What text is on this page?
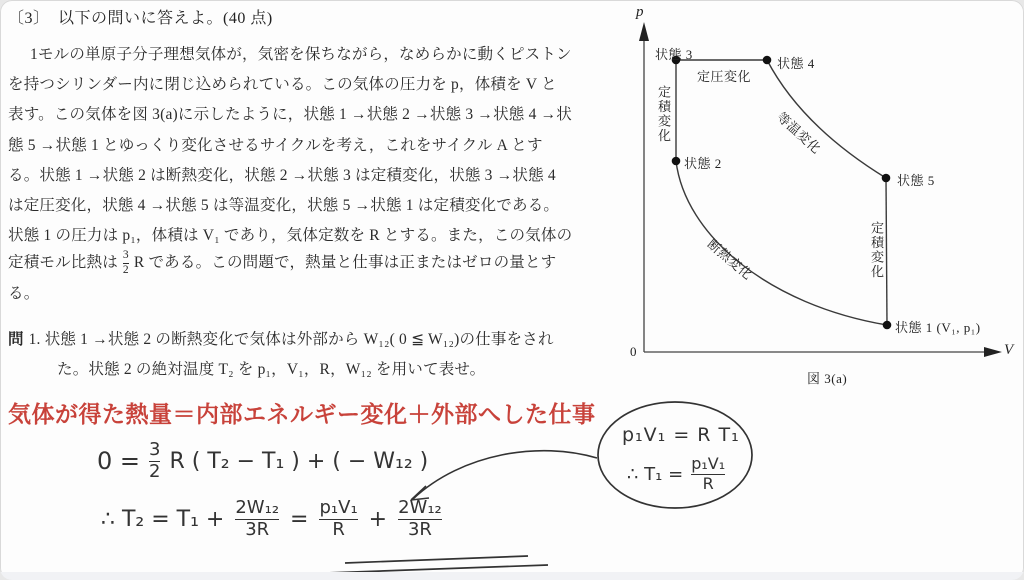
〔3〕　以下の問いに答えよ。(40 点)
1モルの単原子分子理想気体が，気密を保ちながら，なめらかに動くピストン
を持つシリンダー内に閉じ込められている。この気体の圧力を p，体積を V と
表す。この気体を図 3(a)に示したように，状態 1 →状態 2 →状態 3 →状態 4 →状
態 5 →状態 1 とゆっくり変化させるサイクルを考え，これをサイクル A とす
る。状態 1 →状態 2 は断熱変化，状態 2 →状態 3 は定積変化，状態 3 →状態 4
は定圧変化，状態 4 →状態 5 は等温変化，状態 5 →状態 1 は定積変化である。
状態 1 の圧力は p₁，体積は V₁ であり，気体定数を R とする。また，この気体の
定積モル比熱は $\frac{3}{2}$ R である。この問題で，熱量と仕事は正またはゼロの量とす
る。
問 1. 状態 1 →状態 2 の断熱変化で気体は外部から W₁₂( 0 ≦ W₁₂)の仕事をされ
た。状態 2 の絶対温度 T₂ を p₁，V₁，R，W₁₂ を用いて表せ。
p
V
0
状態 3
状態 4
状態 2
状態 5
状態 1 (V₁, p₁)
定圧変化
定積変化	等温変化
断熱変化	定積変化
図 3(a)
気体が得た熱量＝内部エネルギー変化＋外部へした仕事
$0 = \frac{3}{2}$ R ( T₂ − T₁ ) + ( − W₁₂ )
∴ $T_2 = T_1 + \frac{\text{2W₁₂}}{3R} = \frac{\text{p₁V₁}}{R} + \frac{\text{2W₁₂}}{3R}$
p₁V₁ = R T₁
∴ $T_1 = \frac{\text{p₁V₁}}{R}$
